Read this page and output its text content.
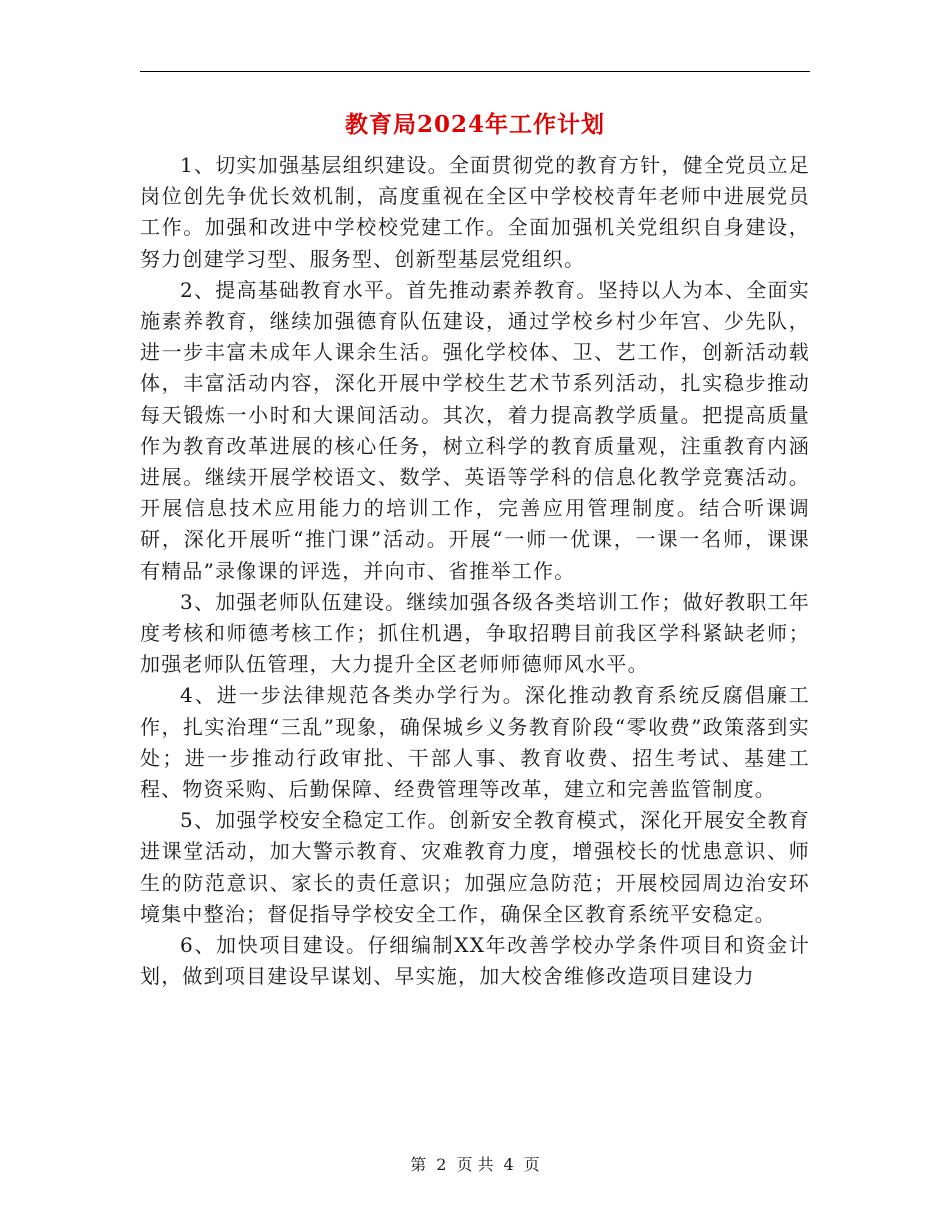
教育局2024年工作计划

1、切实加强基层组织建设。全面贯彻党的教育方针，健全党员立足岗位创先争优长效机制，高度重视在全区中学校校青年老师中进展党员工作。加强和改进中学校校党建工作。全面加强机关党组织自身建设，努力创建学习型、服务型、创新型基层党组织。

2、提高基础教育水平。首先推动素养教育。坚持以人为本、全面实施素养教育，继续加强德育队伍建设，通过学校乡村少年宫、少先队，进一步丰富未成年人课余生活。强化学校体、卫、艺工作，创新活动载体，丰富活动内容，深化开展中学校生艺术节系列活动，扎实稳步推动每天锻炼一小时和大课间活动。其次，着力提高教学质量。把提高质量作为教育改革进展的核心任务，树立科学的教育质量观，注重教育内涵进展。继续开展学校语文、数学、英语等学科的信息化教学竞赛活动。开展信息技术应用能力的培训工作，完善应用管理制度。结合听课调研，深化开展听“推门课”活动。开展“一师一优课，一课一名师，课课有精品”录像课的评选，并向市、省推举工作。

3、加强老师队伍建设。继续加强各级各类培训工作；做好教职工年度考核和师德考核工作；抓住机遇，争取招聘目前我区学科紧缺老师；加强老师队伍管理，大力提升全区老师师德师风水平。

4、进一步法律规范各类办学行为。深化推动教育系统反腐倡廉工作，扎实治理“三乱”现象，确保城乡义务教育阶段“零收费”政策落到实处；进一步推动行政审批、干部人事、教育收费、招生考试、基建工程、物资采购、后勤保障、经费管理等改革，建立和完善监管制度。

5、加强学校安全稳定工作。创新安全教育模式，深化开展安全教育进课堂活动，加大警示教育、灾难教育力度，增强校长的忧患意识、师生的防范意识、家长的责任意识；加强应急防范；开展校园周边治安环境集中整治；督促指导学校安全工作，确保全区教育系统平安稳定。

6、加快项目建设。仔细编制XX年改善学校办学条件项目和资金计划，做到项目建设早谋划、早实施，加大校舍维修改造项目建设力

第 2 页 共 4 页
